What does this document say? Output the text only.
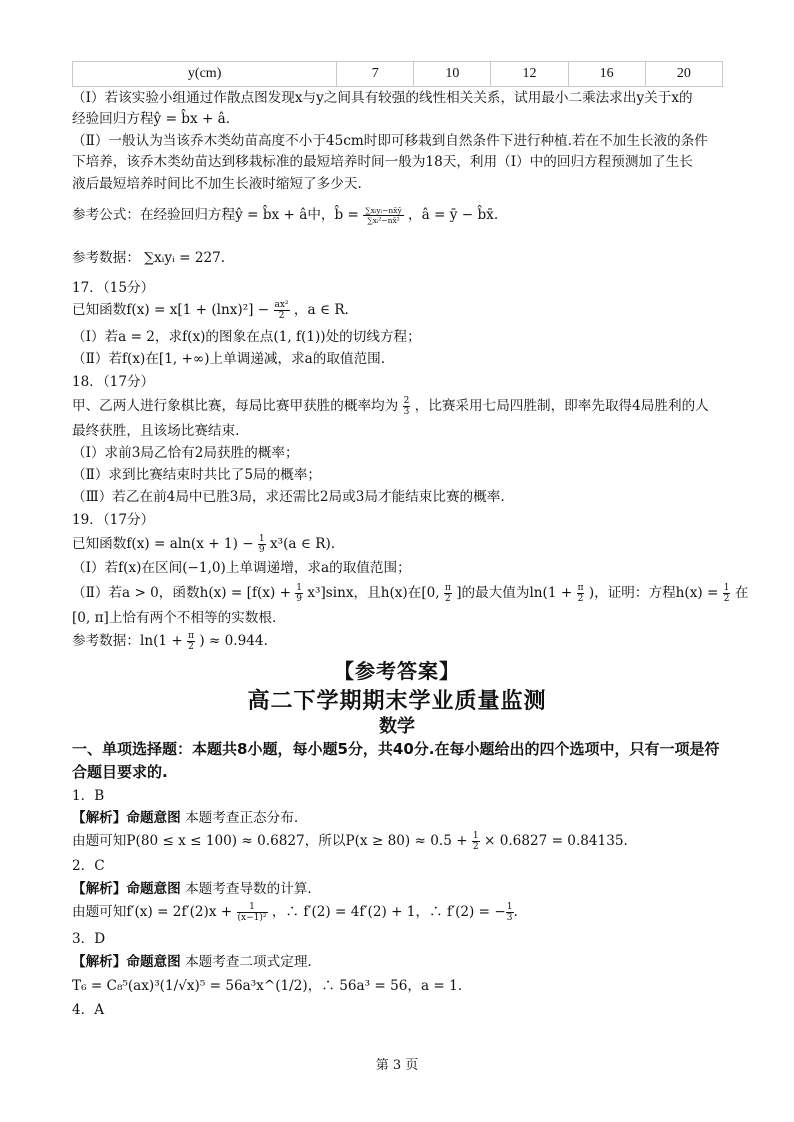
y(cm)	7	10	12	16	20
（Ⅰ）若该实验小组通过作散点图发现x与y之间具有较强的线性相关关系，试用最小二乘法求出y关于x的
经验回归方程ŷ = b̂x + â.
（Ⅱ）一般认为当该乔木类幼苗高度不小于45cm时即可移栽到自然条件下进行种植.若在不加生长液的条件
下培养，该乔木类幼苗达到移栽标准的最短培养时间一般为18天，利用（Ⅰ）中的回归方程预测加了生长
液后最短培养时间比不加生长液时缩短了多少天.
参考公式：在经验回归方程ŷ = b̂x + â中，b̂ = ∑xᵢyᵢ−nx̄ȳ
∑xᵢ²−nx̄² ，â = ȳ − b̂x̄.
参考数据： ∑xᵢyᵢ = 227.
17．（15分）
已知函数$f(x) = x[1 + (\ln x)^2] - \frac{\text{ax²}}{2}$ ，a ∈ R.
（Ⅰ）若a = 2，求f(x)的图象在点(1, f(1))处的切线方程；
（Ⅱ）若f(x)在[1, +∞)上单调递减，求a的取值范围.
18．（17分）
甲、乙两人进行象棋比赛，每局比赛甲获胜的概率均为 $\frac{2}{3}$ ，比赛采用七局四胜制，即率先取得4局胜利的人
最终获胜，且该场比赛结束.
（Ⅰ）求前3局乙恰有2局获胜的概率；
（Ⅱ）求到比赛结束时共比了5局的概率；
（Ⅲ）若乙在前4局中已胜3局，求还需比2局或3局才能结束比赛的概率.
19．（17分）
已知函数$f(x) = aln(x + 1) - \frac{1}{9} x^3(a$ ∈ R).
（Ⅰ）若f(x)在区间(−1,0)上单调递增，求a的取值范围；
（Ⅱ）若a > 0，函数$h(x) = [f(x) + \frac{1}{9} x^3]\sin x$，且h(x)在[0, $\frac{\pi}{2}$ ]的最大值为$\ln(1 + \frac{\pi}{2}$ )，证明：方程$h(x) = \frac{1}{2}$ 在
[0, π]上恰有两个不相等的实数根.
参考数据：$\ln(1 + \frac{\pi}{2}$ ) ≈ 0.944.
【参考答案】
高二下学期期末学业质量监测
数学
一、单项选择题：本题共8小题，每小题5分，共40分.在每小题给出的四个选项中，只有一项是符合题目要求的.
1．B
【解析】命题意图 本题考查正态分布.
由题可知P(80 ≤ x ≤ 100) ≈ 0.6827，所以$P(x \ge 80) \approx 0.5 + \frac{1}{2} \times 0.6827 = 0.84135$.
2．C
【解析】命题意图 本题考查导数的计算.
由题可知$f'(x) = 2f'(2)x + \frac{1}{\text{(x−1)²}}$ ，∴ f′(2) = 4f′(2) + 1，∴ f′(2) = − $\frac{1}{3}$ .
3．D
【解析】命题意图 本题考查二项式定理.
T₆ = C₈⁵(ax)³(1/√x)⁵ = 56a³x^(1/2)，∴ 56a³ = 56，a = 1.
4．A
第 3 页
